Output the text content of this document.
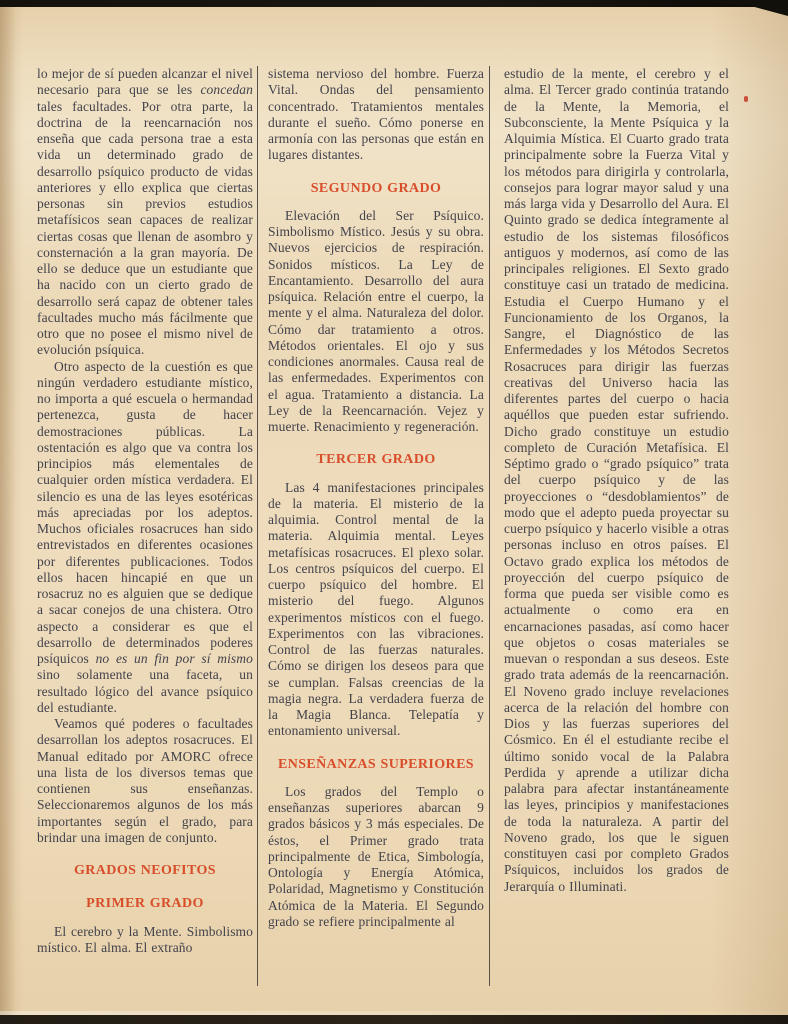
lo mejor de sí pueden alcanzar el nivel necesario para que se les concedan tales facultades. Por otra parte, la doctrina de la reencarnación nos enseña que cada persona trae a esta vida un determinado grado de desarrollo psíquico producto de vidas anteriores y ello explica que ciertas personas sin previos estudios metafísicos sean capaces de realizar ciertas cosas que llenan de asombro y consternación a la gran mayoría. De ello se deduce que un estudiante que ha nacido con un cierto grado de desarrollo será capaz de obtener tales facultades mucho más fácilmente que otro que no posee el mismo nivel de evolución psíquica.

Otro aspecto de la cuestión es que ningún verdadero estudiante místico, no importa a qué escuela o hermandad pertenezca, gusta de hacer demostraciones públicas. La ostentación es algo que va contra los principios más elementales de cualquier orden mística verdadera. El silencio es una de las leyes esotéricas más apreciadas por los adeptos. Muchos oficiales rosacruces han sido entrevistados en diferentes ocasiones por diferentes publicaciones. Todos ellos hacen hincapié en que un rosacruz no es alguien que se dedique a sacar conejos de una chistera. Otro aspecto a considerar es que el desarrollo de determinados poderes psíquicos no es un fin por sí mismo sino solamente una faceta, un resultado lógico del avance psíquico del estudiante.

Veamos qué poderes o facultades desarrollan los adeptos rosacruces. El Manual editado por AMORC ofrece una lista de los diversos temas que contienen sus enseñanzas. Seleccionaremos algunos de los más importantes según el grado, para brindar una imagen de conjunto.

GRADOS NEOFITOS
PRIMER GRADO

El cerebro y la Mente. Simbolismo místico. El alma. El extraño

sistema nervioso del hombre. Fuerza Vital. Ondas del pensamiento concentrado. Tratamientos mentales durante el sueño. Cómo ponerse en armonía con las personas que están en lugares distantes.

SEGUNDO GRADO

Elevación del Ser Psíquico. Simbolismo Místico. Jesús y su obra. Nuevos ejercicios de respiración. Sonidos místicos. La Ley de Encantamiento. Desarrollo del aura psíquica. Relación entre el cuerpo, la mente y el alma. Naturaleza del dolor. Cómo dar tratamiento a otros. Métodos orientales. El ojo y sus condiciones anormales. Causa real de las enfermedades. Experimentos con el agua. Tratamiento a distancia. La Ley de la Reencarnación. Vejez y muerte. Renacimiento y regeneración.

TERCER GRADO

Las 4 manifestaciones principales de la materia. El misterio de la alquimia. Control mental de la materia. Alquimia mental. Leyes metafísicas rosacruces. El plexo solar. Los centros psíquicos del cuerpo. El cuerpo psíquico del hombre. El misterio del fuego. Algunos experimentos místicos con el fuego. Experimentos con las vibraciones. Control de las fuerzas naturales. Cómo se dirigen los deseos para que se cumplan. Falsas creencias de la magia negra. La verdadera fuerza de la Magia Blanca. Telepatía y entonamiento universal.

ENSEÑANZAS SUPERIORES

Los grados del Templo o enseñanzas superiores abarcan 9 grados básicos y 3 más especiales. De éstos, el Primer grado trata principalmente de Etica, Simbología, Ontología y Energía Atómica, Polaridad, Magnetismo y Constitución Atómica de la Materia. El Segundo grado se refiere principalmente al

estudio de la mente, el cerebro y el alma. El Tercer grado continúa tratando de la Mente, la Memoria, el Subconsciente, la Mente Psíquica y la Alquimia Mística. El Cuarto grado trata principalmente sobre la Fuerza Vital y los métodos para dirigirla y controlarla, consejos para lograr mayor salud y una más larga vida y Desarrollo del Aura. El Quinto grado se dedica íntegramente al estudio de los sistemas filosóficos antiguos y modernos, así como de las principales religiones. El Sexto grado constituye casi un tratado de medicina. Estudia el Cuerpo Humano y el Funcionamiento de los Organos, la Sangre, el Diagnóstico de las Enfermedades y los Métodos Secretos Rosacruces para dirigir las fuerzas creativas del Universo hacia las diferentes partes del cuerpo o hacia aquéllos que pueden estar sufriendo. Dicho grado constituye un estudio completo de Curación Metafísica. El Séptimo grado o “grado psíquico” trata del cuerpo psíquico y de las proyecciones o “desdoblamientos” de modo que el adepto pueda proyectar su cuerpo psíquico y hacerlo visible a otras personas incluso en otros países. El Octavo grado explica los métodos de proyección del cuerpo psíquico de forma que pueda ser visible como es actualmente o como era en encarnaciones pasadas, así como hacer que objetos o cosas materiales se muevan o respondan a sus deseos. Este grado trata además de la reencarnación. El Noveno grado incluye revelaciones acerca de la relación del hombre con Dios y las fuerzas superiores del Cósmico. En él el estudiante recibe el último sonido vocal de la Palabra Perdida y aprende a utilizar dicha palabra para afectar instantáneamente las leyes, principios y manifestaciones de toda la naturaleza. A partir del Noveno grado, los que le siguen constituyen casi por completo Grados Psíquicos, incluidos los grados de Jerarquía o Illuminati.
